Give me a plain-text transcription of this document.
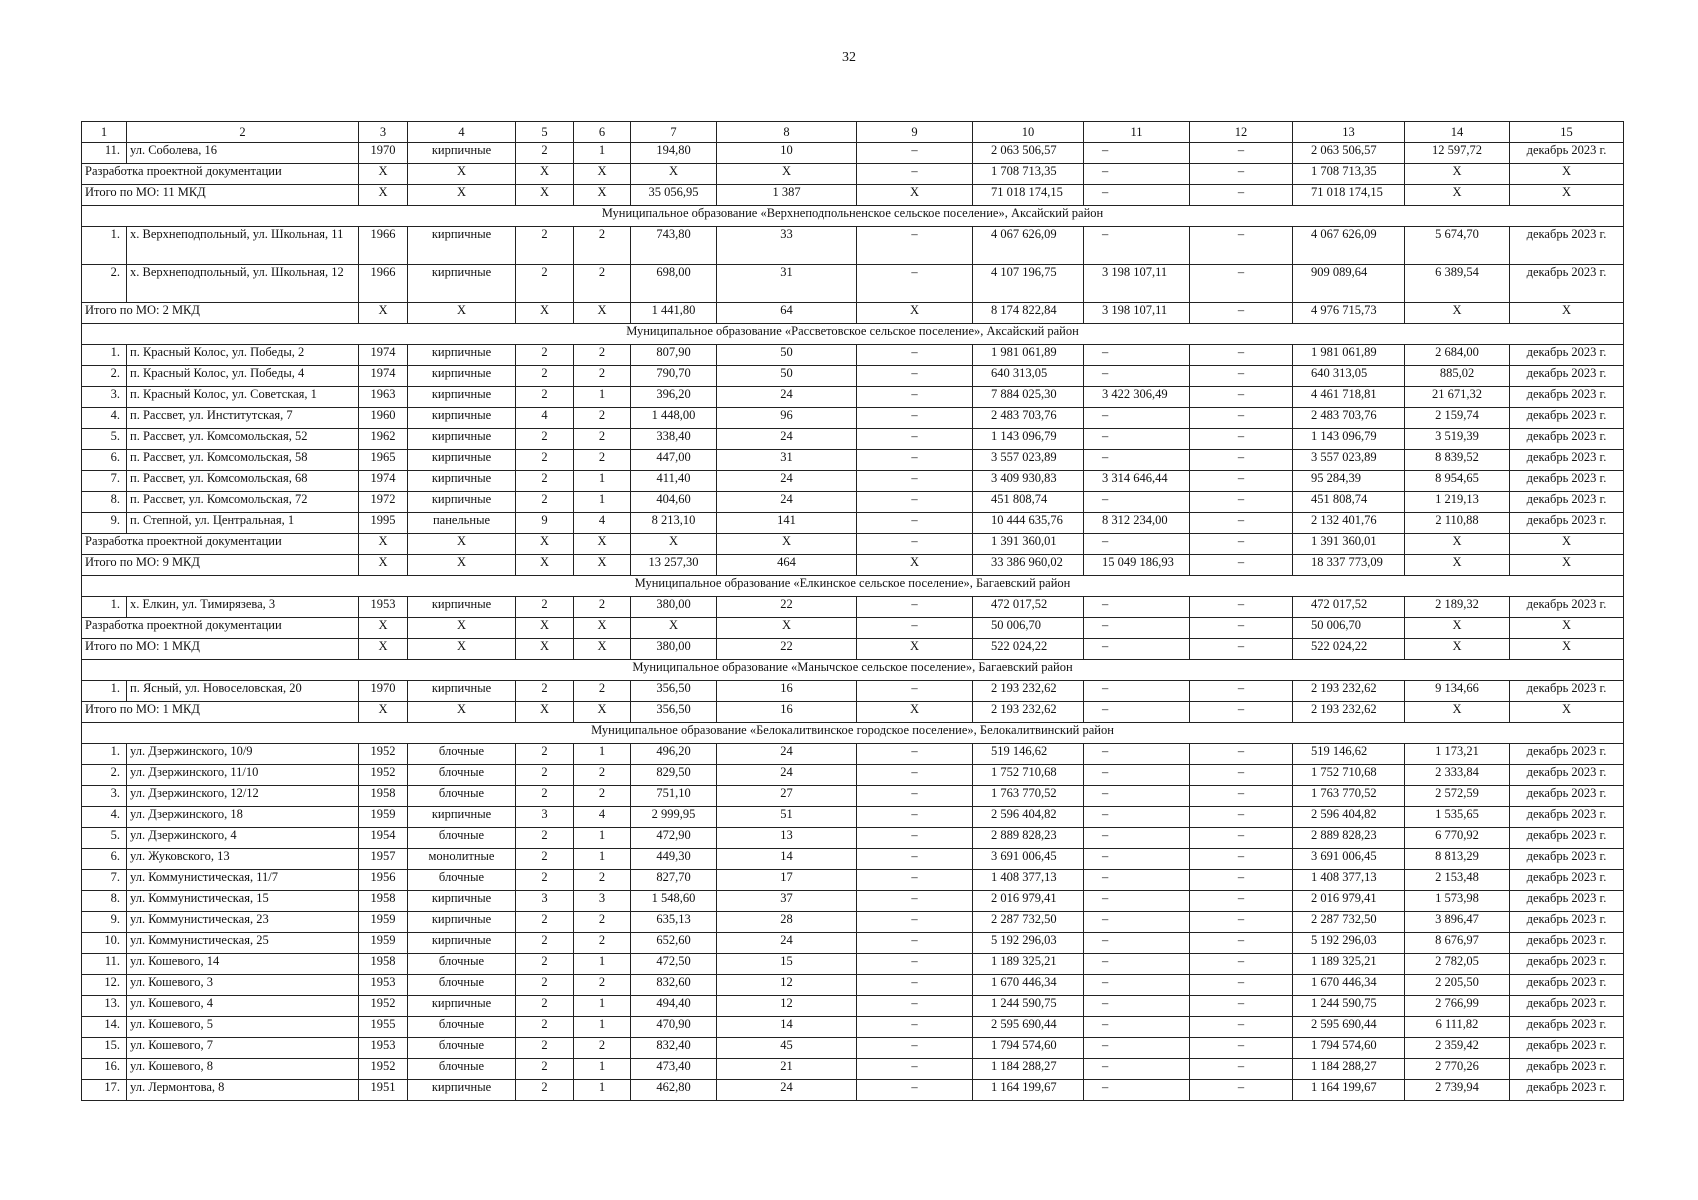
32
1	2	3	4	5	6	7	8	9	10	11	12	13	14	15
11.	ул. Соболева, 16	1970	кирпичные	2	1	194,80	10	–	2 063 506,57	–	–	2 063 506,57	12 597,72	декабрь 2023 г.
Разработка проектной документации		X	X	X	X	X	X	–	1 708 713,35	–	–	1 708 713,35	X	X
Итого по МО: 11 МКД		X	X	X	X	35 056,95	1 387	X	71 018 174,15	–	–	71 018 174,15	X	X
Муниципальное образование «Верхнеподпольненское сельское поселение», Аксайский район														
1.	х. Верхнеподпольный, ул. Школьная, 11	1966	кирпичные	2	2	743,80	33	–	4 067 626,09	–	–	4 067 626,09	5 674,70	декабрь 2023 г.
2.	х. Верхнеподпольный, ул. Школьная, 12	1966	кирпичные	2	2	698,00	31	–	4 107 196,75	3 198 107,11	–	909 089,64	6 389,54	декабрь 2023 г.
Итого по МО: 2 МКД		X	X	X	X	1 441,80	64	X	8 174 822,84	3 198 107,11	–	4 976 715,73	X	X
Муниципальное образование «Рассветовское сельское поселение», Аксайский район														
1.	п. Красный Колос, ул. Победы, 2	1974	кирпичные	2	2	807,90	50	–	1 981 061,89	–	–	1 981 061,89	2 684,00	декабрь 2023 г.
2.	п. Красный Колос, ул. Победы, 4	1974	кирпичные	2	2	790,70	50	–	640 313,05	–	–	640 313,05	885,02	декабрь 2023 г.
3.	п. Красный Колос, ул. Советская, 1	1963	кирпичные	2	1	396,20	24	–	7 884 025,30	3 422 306,49	–	4 461 718,81	21 671,32	декабрь 2023 г.
4.	п. Рассвет, ул. Институтская, 7	1960	кирпичные	4	2	1 448,00	96	–	2 483 703,76	–	–	2 483 703,76	2 159,74	декабрь 2023 г.
5.	п. Рассвет, ул. Комсомольская, 52	1962	кирпичные	2	2	338,40	24	–	1 143 096,79	–	–	1 143 096,79	3 519,39	декабрь 2023 г.
6.	п. Рассвет, ул. Комсомольская, 58	1965	кирпичные	2	2	447,00	31	–	3 557 023,89	–	–	3 557 023,89	8 839,52	декабрь 2023 г.
7.	п. Рассвет, ул. Комсомольская, 68	1974	кирпичные	2	1	411,40	24	–	3 409 930,83	3 314 646,44	–	95 284,39	8 954,65	декабрь 2023 г.
8.	п. Рассвет, ул. Комсомольская, 72	1972	кирпичные	2	1	404,60	24	–	451 808,74	–	–	451 808,74	1 219,13	декабрь 2023 г.
9.	п. Степной, ул. Центральная, 1	1995	панельные	9	4	8 213,10	141	–	10 444 635,76	8 312 234,00	–	2 132 401,76	2 110,88	декабрь 2023 г.
Разработка проектной документации		X	X	X	X	X	X	–	1 391 360,01	–	–	1 391 360,01	X	X
Итого по МО: 9 МКД		X	X	X	X	13 257,30	464	X	33 386 960,02	15 049 186,93	–	18 337 773,09	X	X
Муниципальное образование «Елкинское сельское поселение», Багаевский район														
1.	х. Елкин, ул. Тимирязева, 3	1953	кирпичные	2	2	380,00	22	–	472 017,52	–	–	472 017,52	2 189,32	декабрь 2023 г.
Разработка проектной документации		X	X	X	X	X	X	–	50 006,70	–	–	50 006,70	X	X
Итого по МО: 1 МКД		X	X	X	X	380,00	22	X	522 024,22	–	–	522 024,22	X	X
Муниципальное образование «Манычское сельское поселение», Багаевский район														
1.	п. Ясный, ул. Новоселовская, 20	1970	кирпичные	2	2	356,50	16	–	2 193 232,62	–	–	2 193 232,62	9 134,66	декабрь 2023 г.
Итого по МО: 1 МКД		X	X	X	X	356,50	16	X	2 193 232,62	–	–	2 193 232,62	X	X
Муниципальное образование «Белокалитвинское городское поселение», Белокалитвинский район														
1.	ул. Дзержинского, 10/9	1952	блочные	2	1	496,20	24	–	519 146,62	–	–	519 146,62	1 173,21	декабрь 2023 г.
2.	ул. Дзержинского, 11/10	1952	блочные	2	2	829,50	24	–	1 752 710,68	–	–	1 752 710,68	2 333,84	декабрь 2023 г.
3.	ул. Дзержинского, 12/12	1958	блочные	2	2	751,10	27	–	1 763 770,52	–	–	1 763 770,52	2 572,59	декабрь 2023 г.
4.	ул. Дзержинского, 18	1959	кирпичные	3	4	2 999,95	51	–	2 596 404,82	–	–	2 596 404,82	1 535,65	декабрь 2023 г.
5.	ул. Дзержинского, 4	1954	блочные	2	1	472,90	13	–	2 889 828,23	–	–	2 889 828,23	6 770,92	декабрь 2023 г.
6.	ул. Жуковского, 13	1957	монолитные	2	1	449,30	14	–	3 691 006,45	–	–	3 691 006,45	8 813,29	декабрь 2023 г.
7.	ул. Коммунистическая, 11/7	1956	блочные	2	2	827,70	17	–	1 408 377,13	–	–	1 408 377,13	2 153,48	декабрь 2023 г.
8.	ул. Коммунистическая, 15	1958	кирпичные	3	3	1 548,60	37	–	2 016 979,41	–	–	2 016 979,41	1 573,98	декабрь 2023 г.
9.	ул. Коммунистическая, 23	1959	кирпичные	2	2	635,13	28	–	2 287 732,50	–	–	2 287 732,50	3 896,47	декабрь 2023 г.
10.	ул. Коммунистическая, 25	1959	кирпичные	2	2	652,60	24	–	5 192 296,03	–	–	5 192 296,03	8 676,97	декабрь 2023 г.
11.	ул. Кошевого, 14	1958	блочные	2	1	472,50	15	–	1 189 325,21	–	–	1 189 325,21	2 782,05	декабрь 2023 г.
12.	ул. Кошевого, 3	1953	блочные	2	2	832,60	12	–	1 670 446,34	–	–	1 670 446,34	2 205,50	декабрь 2023 г.
13.	ул. Кошевого, 4	1952	кирпичные	2	1	494,40	12	–	1 244 590,75	–	–	1 244 590,75	2 766,99	декабрь 2023 г.
14.	ул. Кошевого, 5	1955	блочные	2	1	470,90	14	–	2 595 690,44	–	–	2 595 690,44	6 111,82	декабрь 2023 г.
15.	ул. Кошевого, 7	1953	блочные	2	2	832,40	45	–	1 794 574,60	–	–	1 794 574,60	2 359,42	декабрь 2023 г.
16.	ул. Кошевого, 8	1952	блочные	2	1	473,40	21	–	1 184 288,27	–	–	1 184 288,27	2 770,26	декабрь 2023 г.
17.	ул. Лермонтова, 8	1951	кирпичные	2	1	462,80	24	–	1 164 199,67	–	–	1 164 199,67	2 739,94	декабрь 2023 г.
